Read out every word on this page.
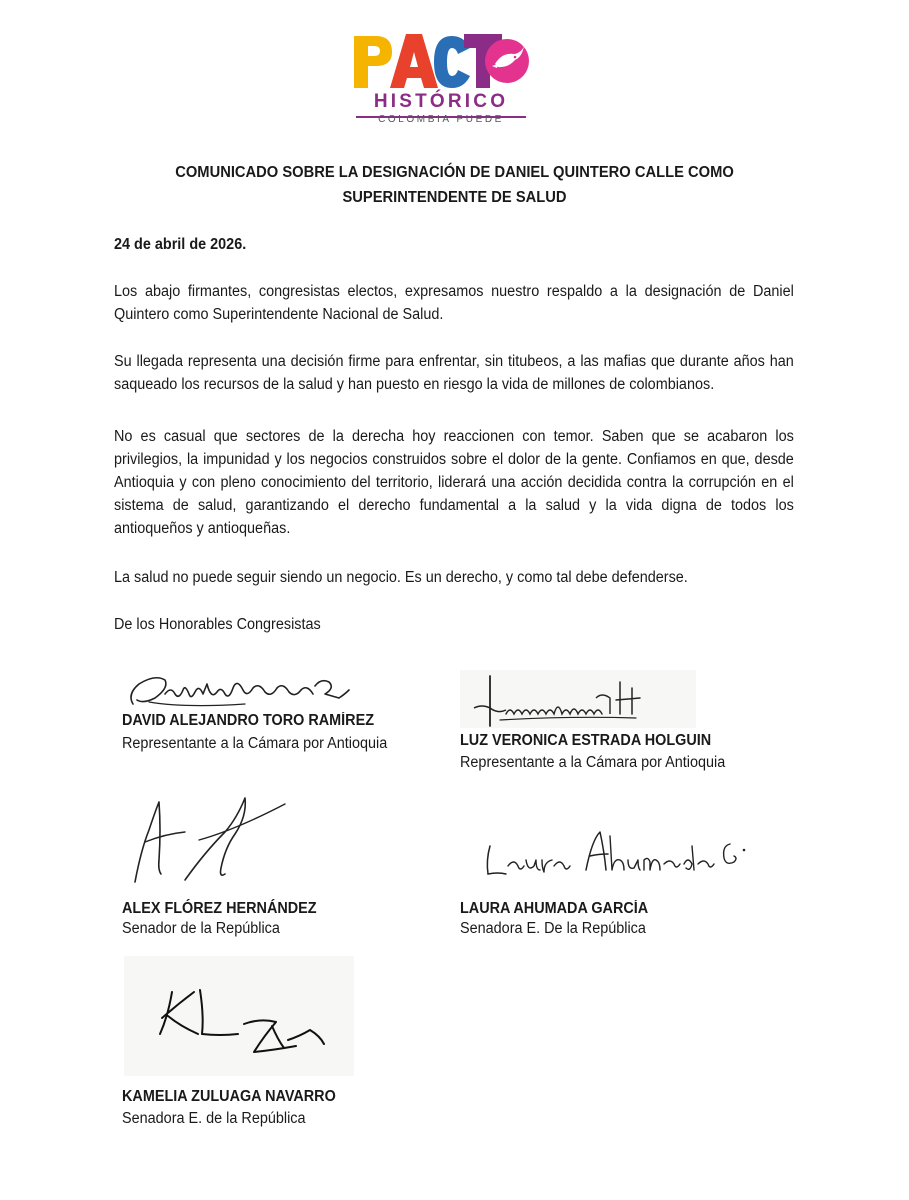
HISTÓRICO
COLOMBIA PUEDE
COMUNICADO SOBRE LA DESIGNACIÓN DE DANIEL QUINTERO CALLE COMO
SUPERINTENDENTE DE SALUD
24 de abril de 2026.
Los abajo firmantes, congresistas electos, expresamos nuestro respaldo a la designación de Daniel Quintero como Superintendente Nacional de Salud.
Su llegada representa una decisión firme para enfrentar, sin titubeos, a las mafias que durante años han saqueado los recursos de la salud y han puesto en riesgo la vida de millones de colombianos.
No es casual que sectores de la derecha hoy reaccionen con temor. Saben que se acabaron los privilegios, la impunidad y los negocios construidos sobre el dolor de la gente. Confiamos en que, desde Antioquia y con pleno conocimiento del territorio, liderará una acción decidida contra la corrupción en el sistema de salud, garantizando el derecho fundamental a la salud y la vida digna de todos los antioqueños y antioqueñas.
La salud no puede seguir siendo un negocio. Es un derecho, y como tal debe defenderse.
De los Honorables Congresistas
DAVID ALEJANDRO TORO RAMÍREZ
Representante a la Cámara por Antioquia	LUZ VERONICA ESTRADA HOLGUIN
Representante a la Cámara por Antioquia
ALEX FLÓREZ HERNÁNDEZ
Senador de la República
LAURA AHUMADA GARCÍA
Senadora E. De la República
KAMELIA ZULUAGA NAVARRO
Senadora E. de la República
